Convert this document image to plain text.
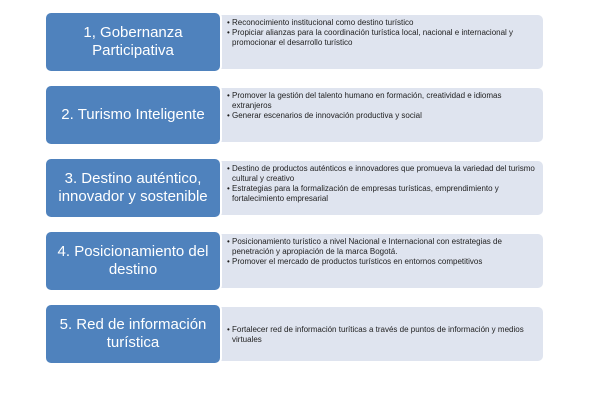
• Reconocimiento institucional como destino turístico

• Propiciar alianzas para la coordinación turística local, nacional e internacional y promocionar el desarrollo turístico

1, Gobernanza Participativa

• Promover la gestión del talento humano en formación, creatividad e idiomas extranjeros

• Generar escenarios de innovación productiva y social

2. Turismo Inteligente

• Destino de productos auténticos e innovadores que promueva la variedad del turismo cultural y creativo

• Estrategias para la formalización de empresas turísticas, emprendimiento y fortalecimiento empresarial

3. Destino auténtico, innovador y sostenible

• Posicionamiento turístico a nivel Nacional e Internacional con estrategias de penetración y apropiación de la marca Bogotá.

• Promover el mercado de productos turísticos en entornos competitivos

4. Posicionamiento del destino

• Fortalecer red de información turíticas a través de puntos de información y medios virtuales

5. Red de información turística
